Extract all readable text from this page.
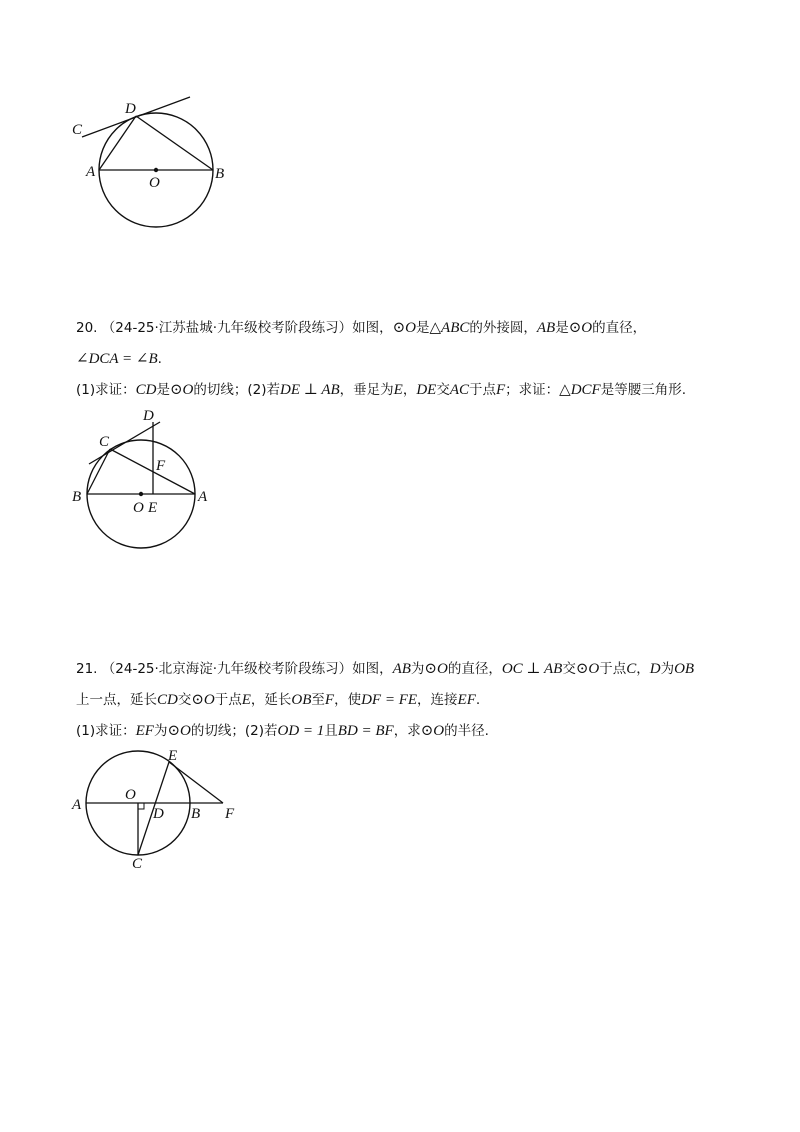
C
D
A
O
B
20. （24-25·江苏盐城·九年级校考阶段练习）如图，⊙O是△ABC的外接圆，AB是⊙O的直径，
∠DCA = ∠B.
(1)求证：CD是⊙O的切线；(2)若DE ⊥ AB，垂足为E，DE交AC于点F；求证：△DCF是等腰三角形.
D
C
F
B
O E
A
21. （24-25·北京海淀·九年级校考阶段练习）如图，AB为⊙O的直径，OC ⊥ AB交⊙O于点C，D为OB
上一点，延长CD交⊙O于点E，延长OB至F，使DF = FE，连接EF.
(1)求证：EF为⊙O的切线；(2)若OD = 1且BD = BF，求⊙O的半径.
E
A
O
D B F
C
